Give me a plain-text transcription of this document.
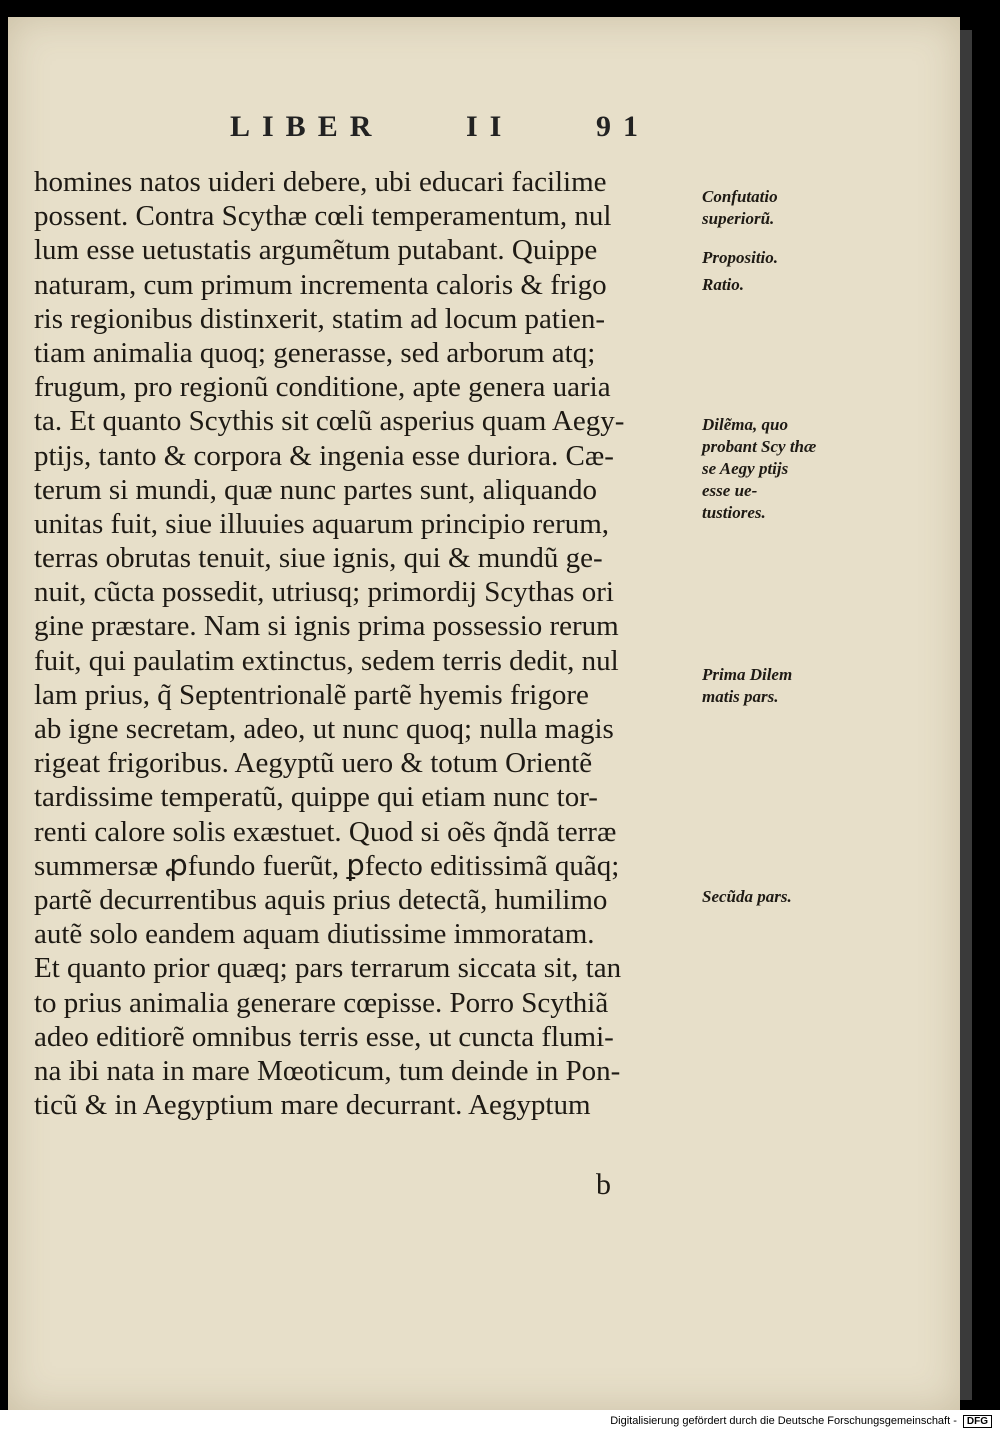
LIBER	II	91
homines natos uideri debere, ubi educari facilime
possent. Contra Scythæ cœli temperamentum, nul
lum esse uetustatis argumẽtum putabant. Quippe
naturam, cum primum incrementa caloris & frigo
ris regionibus distinxerit, statim ad locum patien-
tiam animalia quoq; generasse, sed arborum atq;
frugum, pro regionũ conditione, apte genera uaria
ta. Et quanto Scythis sit cœlũ asperius quam Aegy-
ptijs, tanto & corpora & ingenia esse duriora. Cæ-
terum si mundi, quæ nunc partes sunt, aliquando
unitas fuit, siue illuuies aquarum principio rerum,
terras obrutas tenuit, siue ignis, qui & mundũ ge-
nuit, cũcta possedit, utriusq; primordij Scythas ori
gine præstare. Nam si ignis prima possessio rerum
fuit, qui paulatim extinctus, sedem terris dedit, nul
lam prius, q̃ Septentrionalẽ partẽ hyemis frigore
ab igne secretam, adeo, ut nunc quoq; nulla magis
rigeat frigoribus. Aegyptũ uero & totum Orientẽ
tardissime temperatũ, quippe qui etiam nunc tor-
renti calore solis exæstuet. Quod si oẽs q̃ndã terræ
summersæ ꝓfundo fuerũt, ꝑfecto editissimã quãq;
partẽ decurrentibus aquis prius detectã, humilimo
autẽ solo eandem aquam diutissime immoratam.
Et quanto prior quæq; pars terrarum siccata sit, tan
to prius animalia generare cœpisse. Porro Scythiã
adeo editiorẽ omnibus terris esse, ut cuncta flumi-
na ibi nata in mare Mœoticum, tum deinde in Pon-
ticũ & in Aegyptium mare decurrant. Aegyptum
Confutatio superiorũ.
Propositio.
Ratio.
Dilẽma, quo probant Scy thæ se Aegy ptijs esse ue- tustiores.
Prima Dilem matis pars.
Secũda pars.
b
Digitalisierung gefördert durch die Deutsche Forschungsgemeinschaft -	DFG
